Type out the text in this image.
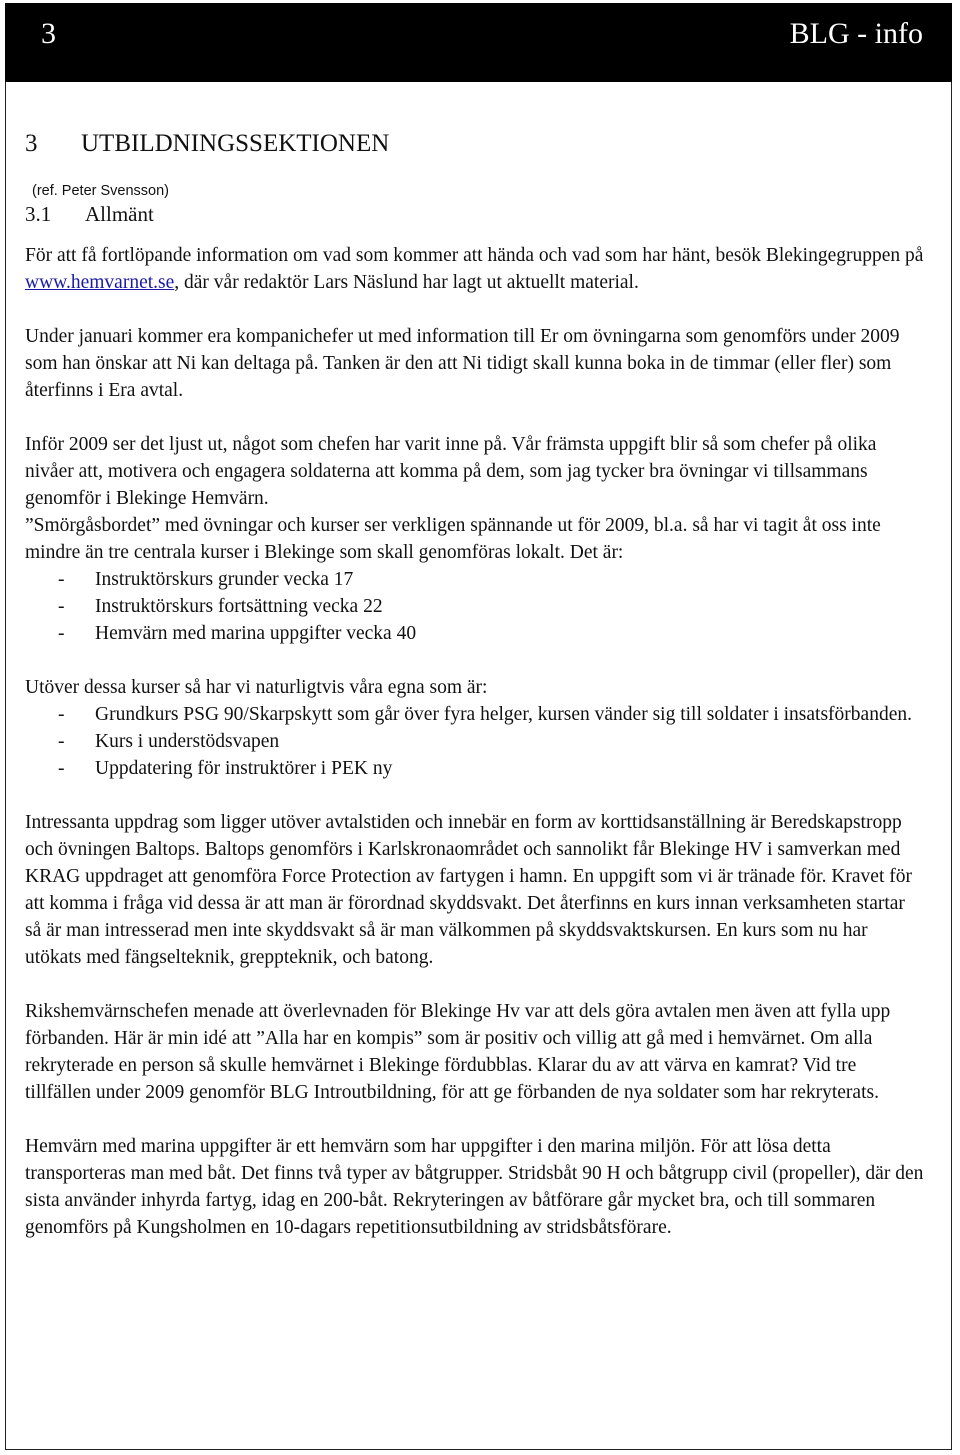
3	BLG - info
3 UTBILDNINGSSEKTIONEN
(ref. Peter Svensson)
3.1 Allmänt

För att få fortlöpande information om vad som kommer att hända och vad som har hänt, besök Blekingegruppen på www.hemvarnet.se, där vår redaktör Lars Näslund har lagt ut aktuellt material.

Under januari kommer era kompanichefer ut med information till Er om övningarna som genomförs under 2009 som han önskar att Ni kan deltaga på. Tanken är den att Ni tidigt skall kunna boka in de timmar (eller fler) som återfinns i Era avtal.

Inför 2009 ser det ljust ut, något som chefen har varit inne på. Vår främsta uppgift blir så som chefer på olika nivåer att, motivera och engagera soldaterna att komma på dem, som jag tycker bra övningar vi tillsammans genomför i Blekinge Hemvärn.

”Smörgåsbordet” med övningar och kurser ser verkligen spännande ut för 2009, bl.a. så har vi tagit åt oss inte mindre än tre centrala kurser i Blekinge som skall genomföras lokalt. Det är:

- Instruktörskurs grunder vecka 17
- Instruktörskurs fortsättning vecka 22
- Hemvärn med marina uppgifter vecka 40

Utöver dessa kurser så har vi naturligtvis våra egna som är:

- Grundkurs PSG 90/Skarpskytt som går över fyra helger, kursen vänder sig till soldater i insatsförbanden.
- Kurs i understödsvapen
- Uppdatering för instruktörer i PEK ny

Intressanta uppdrag som ligger utöver avtalstiden och innebär en form av korttidsanställning är Beredskapstropp och övningen Baltops. Baltops genomförs i Karlskronaområdet och sannolikt får Blekinge HV i samverkan med KRAG uppdraget att genomföra Force Protection av fartygen i hamn. En uppgift som vi är tränade för. Kravet för att komma i fråga vid dessa är att man är förordnad skyddsvakt. Det återfinns en kurs innan verksamheten startar så är man intresserad men inte skyddsvakt så är man välkommen på skyddsvaktskursen. En kurs som nu har utökats med fängselteknik, greppteknik, och batong.

Rikshemvärnschefen menade att överlevnaden för Blekinge Hv var att dels göra avtalen men även att fylla upp förbanden. Här är min idé att ”Alla har en kompis” som är positiv och villig att gå med i hemvärnet. Om alla rekryterade en person så skulle hemvärnet i Blekinge fördubblas. Klarar du av att värva en kamrat? Vid tre tillfällen under 2009 genomför BLG Introutbildning, för att ge förbanden de nya soldater som har rekryterats.

Hemvärn med marina uppgifter är ett hemvärn som har uppgifter i den marina miljön. För att lösa detta transporteras man med båt. Det finns två typer av båtgrupper. Stridsbåt 90 H och båtgrupp civil (propeller), där den sista använder inhyrda fartyg, idag en 200-båt. Rekryteringen av båtförare går mycket bra, och till sommaren genomförs på Kungsholmen en 10-dagars repetitionsutbildning av stridsbåtsförare.
